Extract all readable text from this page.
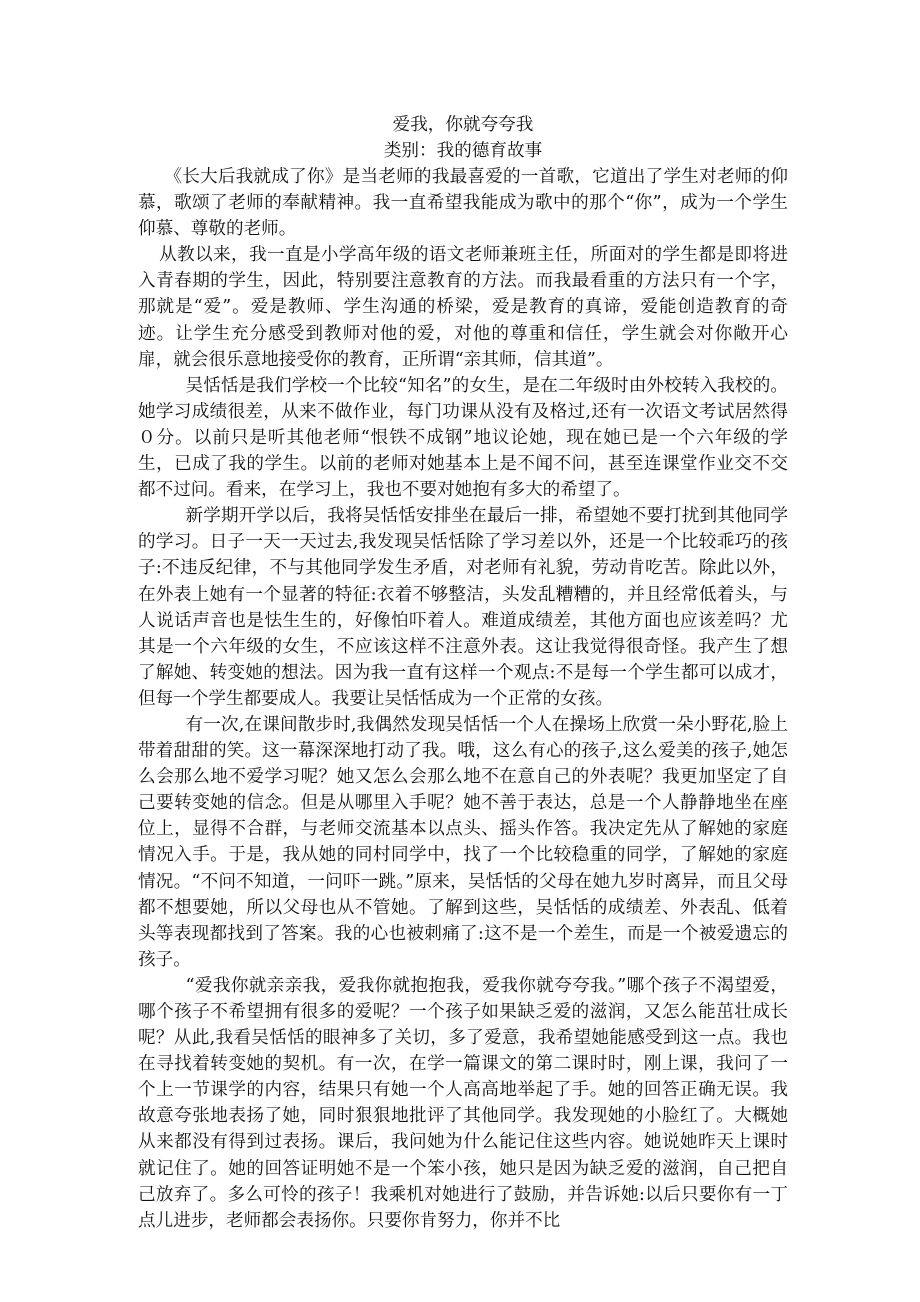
爱我，你就夸夸我

类别：我的德育故事

《长大后我就成了你》是当老师的我最喜爱的一首歌，它道出了学生对老师的仰慕，歌颂了老师的奉献精神。我一直希望我能成为歌中的那个“你”，成为一个学生仰慕、尊敬的老师。

从教以来，我一直是小学高年级的语文老师兼班主任，所面对的学生都是即将进入青春期的学生，因此，特别要注意教育的方法。而我最看重的方法只有一个字，那就是“爱”。爱是教师、学生沟通的桥梁，爱是教育的真谛，爱能创造教育的奇迹。让学生充分感受到教师对他的爱，对他的尊重和信任，学生就会对你敞开心扉，就会很乐意地接受你的教育，正所谓“亲其师，信其道”。

吴恬恬是我们学校一个比较“知名”的女生，是在二年级时由外校转入我校的。她学习成绩很差，从来不做作业，每门功课从没有及格过,还有一次语文考试居然得０分。以前只是听其他老师“恨铁不成钢”地议论她，现在她已是一个六年级的学生，已成了我的学生。以前的老师对她基本上是不闻不问，甚至连课堂作业交不交都不过问。看来，在学习上，我也不要对她抱有多大的希望了。

新学期开学以后，我将吴恬恬安排坐在最后一排，希望她不要打扰到其他同学的学习。日子一天一天过去,我发现吴恬恬除了学习差以外，还是一个比较乖巧的孩子:不违反纪律，不与其他同学发生矛盾，对老师有礼貌，劳动肯吃苦。除此以外，在外表上她有一个显著的特征:衣着不够整洁，头发乱糟糟的，并且经常低着头，与人说话声音也是怯生生的，好像怕吓着人。难道成绩差，其他方面也应该差吗？尤其是一个六年级的女生，不应该这样不注意外表。这让我觉得很奇怪。我产生了想了解她、转变她的想法。因为我一直有这样一个观点:不是每一个学生都可以成才，但每一个学生都要成人。我要让吴恬恬成为一个正常的女孩。

有一次,在课间散步时,我偶然发现吴恬恬一个人在操场上欣赏一朵小野花,脸上带着甜甜的笑。这一幕深深地打动了我。哦，这么有心的孩子,这么爱美的孩子,她怎么会那么地不爱学习呢？她又怎么会那么地不在意自己的外表呢？我更加坚定了自己要转变她的信念。但是从哪里入手呢？她不善于表达，总是一个人静静地坐在座位上，显得不合群，与老师交流基本以点头、摇头作答。我决定先从了解她的家庭情况入手。于是，我从她的同村同学中，找了一个比较稳重的同学，了解她的家庭情况。“不问不知道，一问吓一跳。”原来，吴恬恬的父母在她九岁时离异，而且父母都不想要她，所以父母也从不管她。了解到这些，吴恬恬的成绩差、外表乱、低着头等表现都找到了答案。我的心也被刺痛了:这不是一个差生，而是一个被爱遗忘的孩子。

“爱我你就亲亲我，爱我你就抱抱我，爱我你就夸夸我。”哪个孩子不渴望爱，哪个孩子不希望拥有很多的爱呢？一个孩子如果缺乏爱的滋润，又怎么能茁壮成长呢？从此,我看吴恬恬的眼神多了关切，多了爱意，我希望她能感受到这一点。我也在寻找着转变她的契机。有一次，在学一篇课文的第二课时时，刚上课，我问了一个上一节课学的内容，结果只有她一个人高高地举起了手。她的回答正确无误。我故意夸张地表扬了她，同时狠狠地批评了其他同学。我发现她的小脸红了。大概她从来都没有得到过表扬。课后，我问她为什么能记住这些内容。她说她昨天上课时就记住了。她的回答证明她不是一个笨小孩，她只是因为缺乏爱的滋润，自己把自己放弃了。多么可怜的孩子！我乘机对她进行了鼓励，并告诉她:以后只要你有一丁点儿进步，老师都会表扬你。只要你肯努力，你并不比
